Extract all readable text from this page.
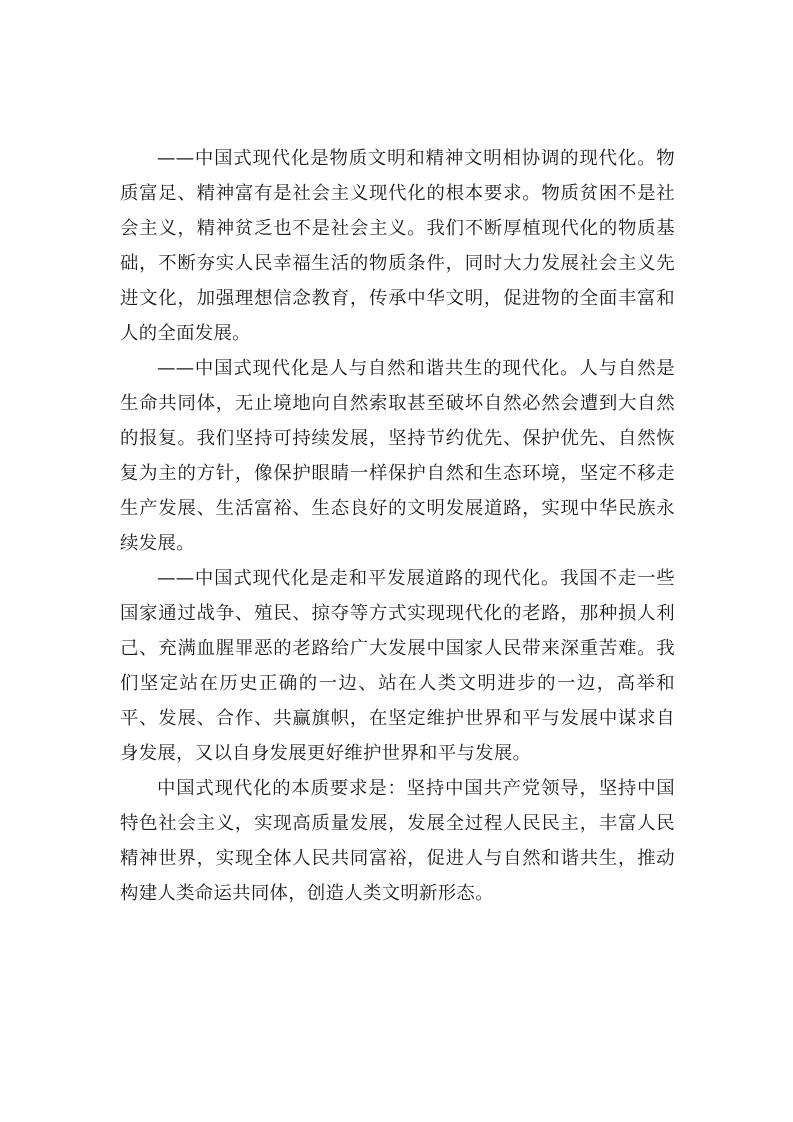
——中国式现代化是物质文明和精神文明相协调的现代化。物质富足、精神富有是社会主义现代化的根本要求。物质贫困不是社会主义，精神贫乏也不是社会主义。我们不断厚植现代化的物质基础，不断夯实人民幸福生活的物质条件，同时大力发展社会主义先进文化，加强理想信念教育，传承中华文明，促进物的全面丰富和人的全面发展。

——中国式现代化是人与自然和谐共生的现代化。人与自然是生命共同体，无止境地向自然索取甚至破坏自然必然会遭到大自然的报复。我们坚持可持续发展，坚持节约优先、保护优先、自然恢复为主的方针，像保护眼睛一样保护自然和生态环境，坚定不移走生产发展、生活富裕、生态良好的文明发展道路，实现中华民族永续发展。

——中国式现代化是走和平发展道路的现代化。我国不走一些国家通过战争、殖民、掠夺等方式实现现代化的老路，那种损人利己、充满血腥罪恶的老路给广大发展中国家人民带来深重苦难。我们坚定站在历史正确的一边、站在人类文明进步的一边，高举和平、发展、合作、共赢旗帜，在坚定维护世界和平与发展中谋求自身发展，又以自身发展更好维护世界和平与发展。

中国式现代化的本质要求是：坚持中国共产党领导，坚持中国特色社会主义，实现高质量发展，发展全过程人民民主，丰富人民精神世界，实现全体人民共同富裕，促进人与自然和谐共生，推动构建人类命运共同体，创造人类文明新形态。
